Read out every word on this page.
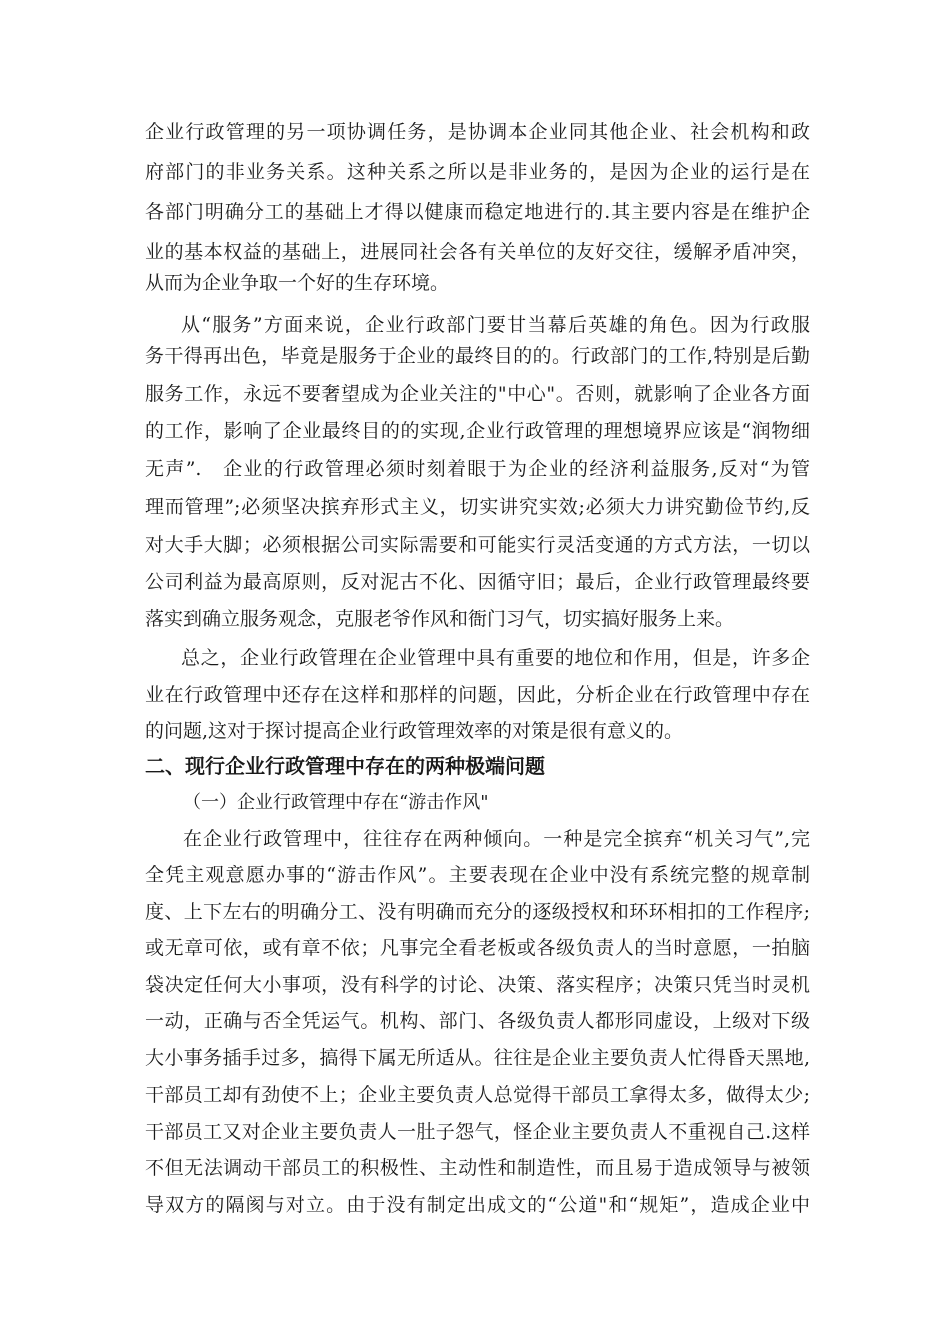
企业行政管理的另一项协调任务，是协调本企业同其他企业、社会机构和政
府部门的非业务关系。这种关系之所以是非业务的，是因为企业的运行是在
各部门明确分工的基础上才得以健康而稳定地进行的.其主要内容是在维护企
业的基本权益的基础上，进展同社会各有关单位的友好交往，缓解矛盾冲突，
从而为企业争取一个好的生存环境。
从“服务”方面来说，企业行政部门要甘当幕后英雄的角色。因为行政服
务干得再出色，毕竟是服务于企业的最终目的的。行政部门的工作,特别是后勤
服务工作，永远不要奢望成为企业关注的"中心"。否则，就影响了企业各方面
的工作，影响了企业最终目的的实现,企业行政管理的理想境界应该是“润物细
无声”.　企业的行政管理必须时刻着眼于为企业的经济利益服务,反对“为管
理而管理”;必须坚决摈弃形式主义，切实讲究实效;必须大力讲究勤俭节约,反
对大手大脚；必须根据公司实际需要和可能实行灵活变通的方式方法，一切以
公司利益为最高原则，反对泥古不化、因循守旧；最后，企业行政管理最终要
落实到确立服务观念，克服老爷作风和衙门习气，切实搞好服务上来。
总之，企业行政管理在企业管理中具有重要的地位和作用，但是，许多企
业在行政管理中还存在这样和那样的问题，因此，分析企业在行政管理中存在
的问题,这对于探讨提高企业行政管理效率的对策是很有意义的。
二、现行企业行政管理中存在的两种极端问题
（一）企业行政管理中存在“游击作风"
在企业行政管理中，往往存在两种倾向。一种是完全摈弃“机关习气”,完
全凭主观意愿办事的“游击作风”。主要表现在企业中没有系统完整的规章制
度、上下左右的明确分工、没有明确而充分的逐级授权和环环相扣的工作程序;
或无章可依，或有章不依；凡事完全看老板或各级负责人的当时意愿，一拍脑
袋决定任何大小事项，没有科学的讨论、决策、落实程序；决策只凭当时灵机
一动，正确与否全凭运气。机构、部门、各级负责人都形同虚设，上级对下级
大小事务插手过多，搞得下属无所适从。往往是企业主要负责人忙得昏天黑地,
干部员工却有劲使不上；企业主要负责人总觉得干部员工拿得太多，做得太少;
干部员工又对企业主要负责人一肚子怨气，怪企业主要负责人不重视自己.这样
不但无法调动干部员工的积极性、主动性和制造性，而且易于造成领导与被领
导双方的隔阂与对立。由于没有制定出成文的“公道"和“规矩”，造成企业中
